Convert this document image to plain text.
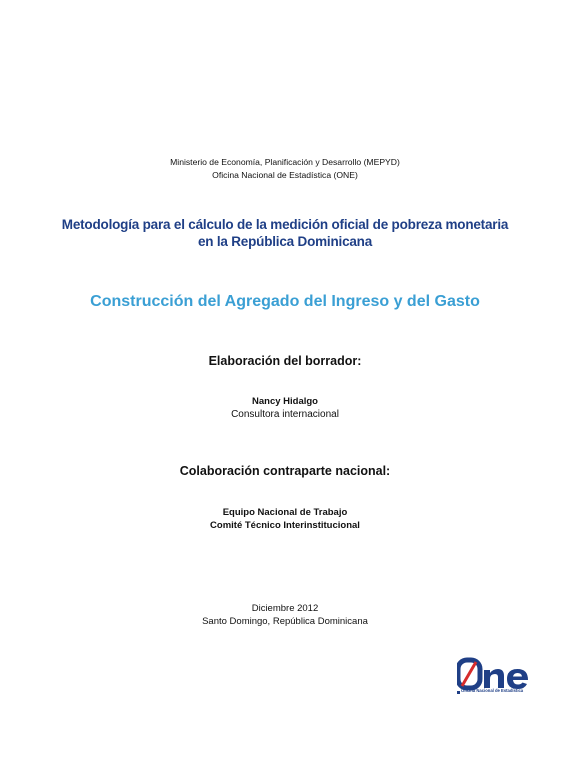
Ministerio de Economía, Planificación y Desarrollo (MEPYD)
Oficina Nacional de Estadística (ONE)
Metodología para el cálculo de la medición oficial de pobreza monetaria
en la República Dominicana
Construcción del Agregado del Ingreso y del Gasto
Elaboración del borrador:
Nancy Hidalgo
Consultora internacional
Colaboración contraparte nacional:
Equipo Nacional de Trabajo
Comité Técnico Interinstitucional
Diciembre 2012
Santo Domingo, República Dominicana
Oficina Nacional de Estadística
